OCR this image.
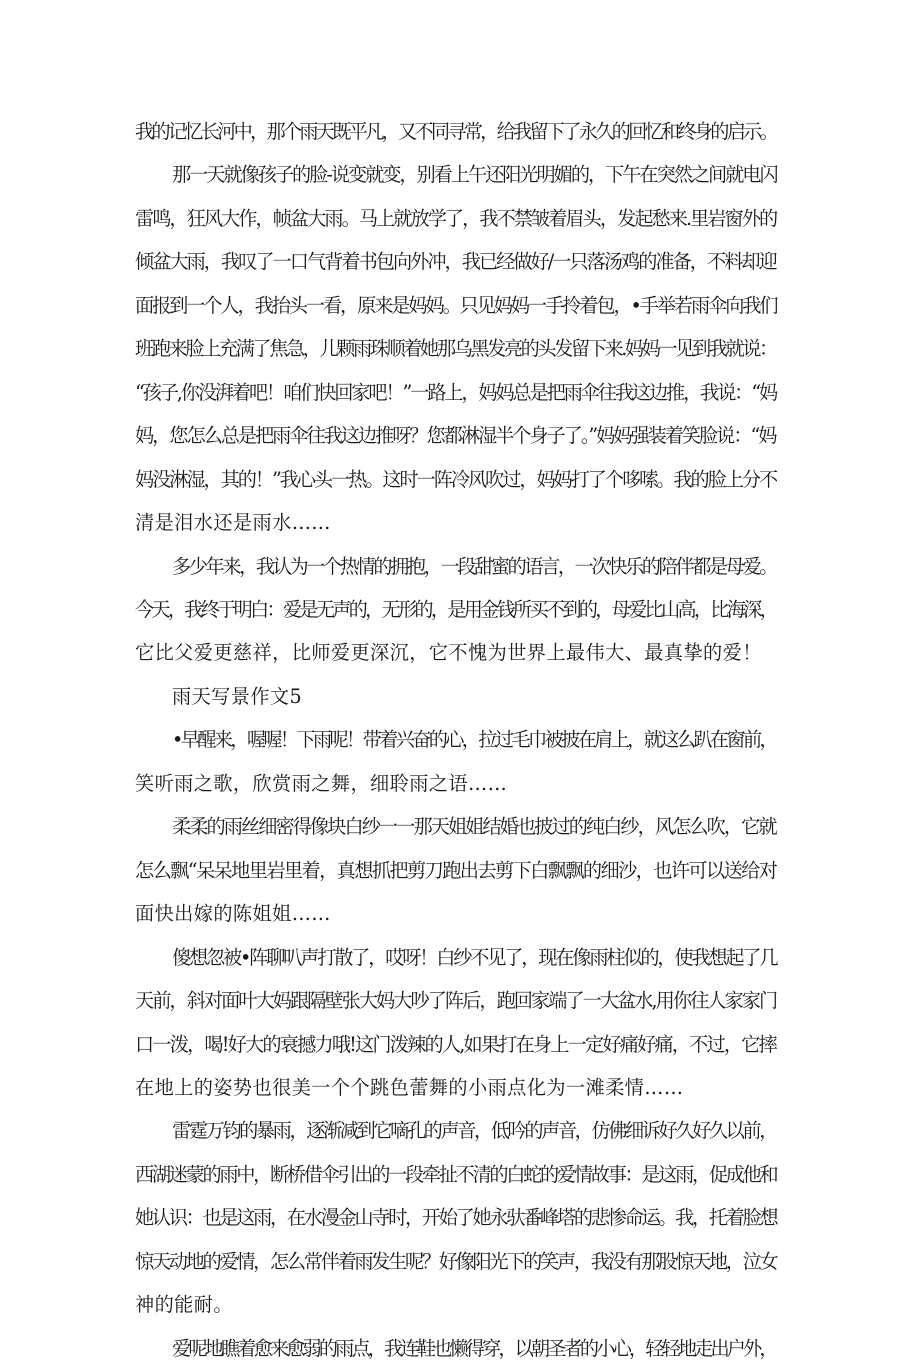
我的记忆长河中，那个雨天既平凡，又不同寻常，给我留下了永久的回忆和终身的启示。
那一天就像孩子的脸-说变就变，别看上午还阳光明媚的，下午在突然之间就电闪
雷鸣，狂风大作，帧盆大雨。马上就放学了，我不禁皱着眉头，发起愁来.里岩窗外的
倾盆大雨，我叹了一口气背着书包向外冲，我已经做好/一只落汤鸡的准备，不料却迎
面报到一个人，我抬头一看，原来是妈妈。只见妈妈一手拎着包，•手举若雨伞向我们
班跑来脸上充满了焦急，儿颗雨珠顺着她那乌黑发亮的头发留下来.妈妈一见到我就说：
“孩子,你没湃着吧！咱们快回家吧！”一路上，妈妈总是把雨伞往我这边推，我说：“妈
妈，您怎么总是把雨伞往我这边推呀？您都淋湿半个身子了。”妈妈强装着笑脸说：“妈
妈没淋湿，其的！”我心头一热。这时一阵冷风吹过，妈妈打了个哆嗦。我的脸上分不
清是泪水还是雨水……
多少年来，我认为一个热情的拥抱，一段甜蜜的语言，一次快乐的陪伴都是母爱。
今天，我终于明白：爱是无声的，无形的，是用金钱所买不到的，母爱比山高，比海深，
它比父爱更慈祥，比师爱更深沉，它不愧为世界上最伟大、最真挚的爱！
雨天写景作文5
•早醒来，喔喔！下雨呢！带着兴奋的心，拉过毛巾被披在肩上，就这么趴在窗前，
笑听雨之歌，欣赏雨之舞，细聆雨之语……
柔柔的雨丝细密得像块白纱一一那天姐姐结婚也披过的纯白纱，风怎么吹，它就
怎么飘“呆呆地里岩里着，真想抓把剪刀跑出去剪下白飘飘的细沙，也许可以送给对
面快出嫁的陈姐姐……
傻想忽被•阵聊叭声打散了，哎呀！白纱不见了，现在像雨柱似的，使我想起了几
天前，斜对面叶大妈跟隔壁张大妈大吵了阵后，跑回家端了一大盆水,用你往人家家门
口一泼，喝!好大的衰撼力哦!这门泼辣的人,如果打在身上一定好痛好痛，不过，它摔
在地上的姿势也很美一个个跳色蕾舞的小雨点化为一滩柔情……
雷霆万钧的暴雨，逐渐减到它嘀孔的声音，低吟的声音，仿佛细诉好久好久以前，
西湖迷蒙的雨中，断桥借伞引出的一段牵扯不清的白蛇的爱情故事：是这雨，促成他和
她认识：也是这雨，在水漫金山寺时，开始了她永驮番峰塔的悲惨命运。我，托着脸想
惊天动地的爱情，怎么常伴着雨发生呢？好像阳光下的笑声，我没有那股惊天地，泣女
神的能耐。
爱呢地瞧着愈来愈弱的雨点，我连鞋也懒得穿，以朝圣者的小心，轻轻地走出户外，
